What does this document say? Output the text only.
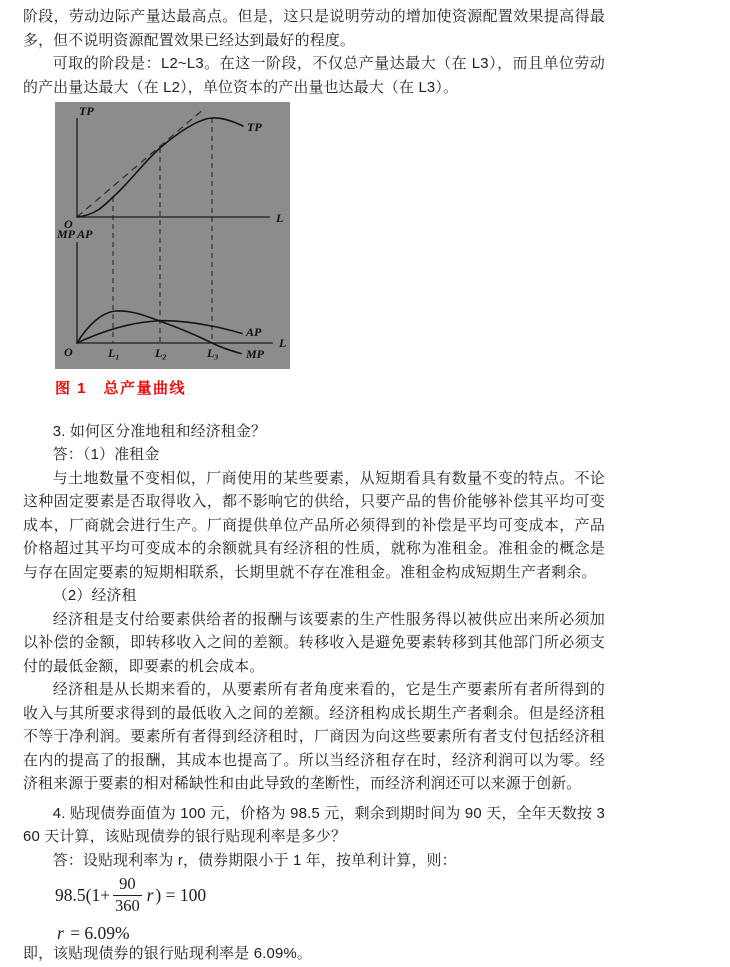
阶段，劳动边际产量达最高点。但是，这只是说明劳动的增加使资源配置效果提高得最多，但不说明资源配置效果已经达到最好的程度。

可取的阶段是：L2~L3。在这一阶段，不仅总产量达最大（在 L3），而且单位劳动的产出量达最大（在 L2），单位资本的产出量也达最大（在 L3）。

TP
L
O
TP
MP AP
L
O	$L_1$	$L_2$	$L_3$
AP
MP
图 1　总产量曲线

3. 如何区分准地租和经济租金？

答：（1）准租金

与土地数量不变相似，厂商使用的某些要素，从短期看具有数量不变的特点。不论这种固定要素是否取得收入，都不影响它的供给，只要产品的售价能够补偿其平均可变成本，厂商就会进行生产。厂商提供单位产品所必须得到的补偿是平均可变成本，产品价格超过其平均可变成本的余额就具有经济租的性质，就称为准租金。准租金的概念是与存在固定要素的短期相联系，长期里就不存在准租金。准租金构成短期生产者剩余。

（2）经济租

经济租是支付给要素供给者的报酬与该要素的生产性服务得以被供应出来所必须加以补偿的金额，即转移收入之间的差额。转移收入是避免要素转移到其他部门所必须支付的最低金额，即要素的机会成本。

经济租是从长期来看的，从要素所有者角度来看的，它是生产要素所有者所得到的收入与其所要求得到的最低收入之间的差额。经济租构成长期生产者剩余。但是经济租不等于净利润。要素所有者得到经济租时，厂商因为向这些要素所有者支付包括经济租在内的提高了的报酬，其成本也提高了。所以当经济租存在时，经济利润可以为零。经济租来源于要素的相对稀缺性和由此导致的垄断性，而经济利润还可以来源于创新。

4. 贴现债券面值为 100 元，价格为 98.5 元，剩余到期时间为 90 天，全年天数按 360 天计算，该贴现债券的银行贴现利率是多少？

答：设贴现利率为 r，债券期限小于 1 年，按单利计算，则：

$98.5(1+ \frac{90}{360}$ r ) = 100
r = 6.09%

即，该贴现债券的银行贴现利率是 6.09%。
